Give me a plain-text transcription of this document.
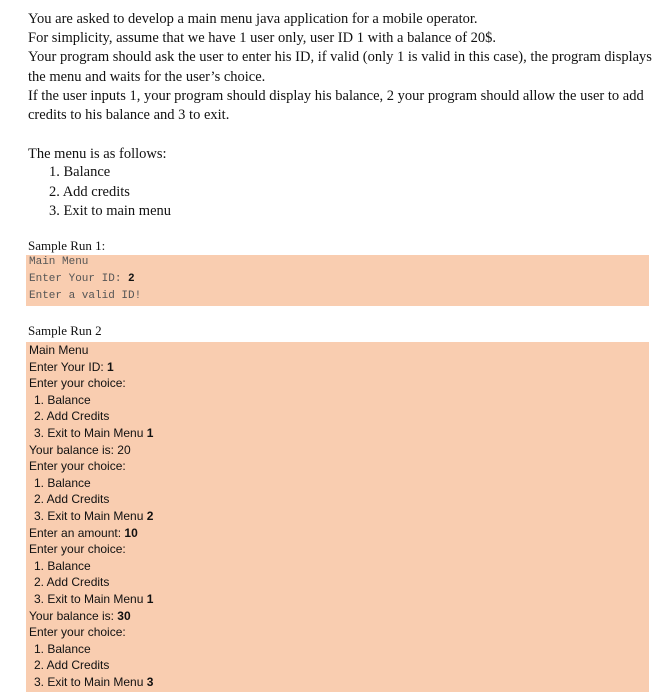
You are asked to develop a main menu java application for a mobile operator.

For simplicity, assume that we have 1 user only, user ID 1 with a balance of 20$.

Your program should ask the user to enter his ID, if valid (only 1 is valid in this case), the program displays the menu and waits for the user’s choice.

If the user inputs 1, your program should display his balance, 2 your program should allow the user to add credits to his balance and 3 to exit.

The menu is as follows:
1. Balance
2. Add credits
3. Exit to main menu
Sample Run 1:
Main Menu
Enter Your ID: 2
Enter a valid ID!
Sample Run 2
Main Menu
Enter Your ID: 1
Enter your choice:
1. Balance
2. Add Credits
3. Exit to Main Menu 1
Your balance is: 20
Enter your choice:
1. Balance
2. Add Credits
3. Exit to Main Menu 2
Enter an amount: 10
Enter your choice:
1. Balance
2. Add Credits
3. Exit to Main Menu 1
Your balance is: 30
Enter your choice:
1. Balance
2. Add Credits
3. Exit to Main Menu 3
